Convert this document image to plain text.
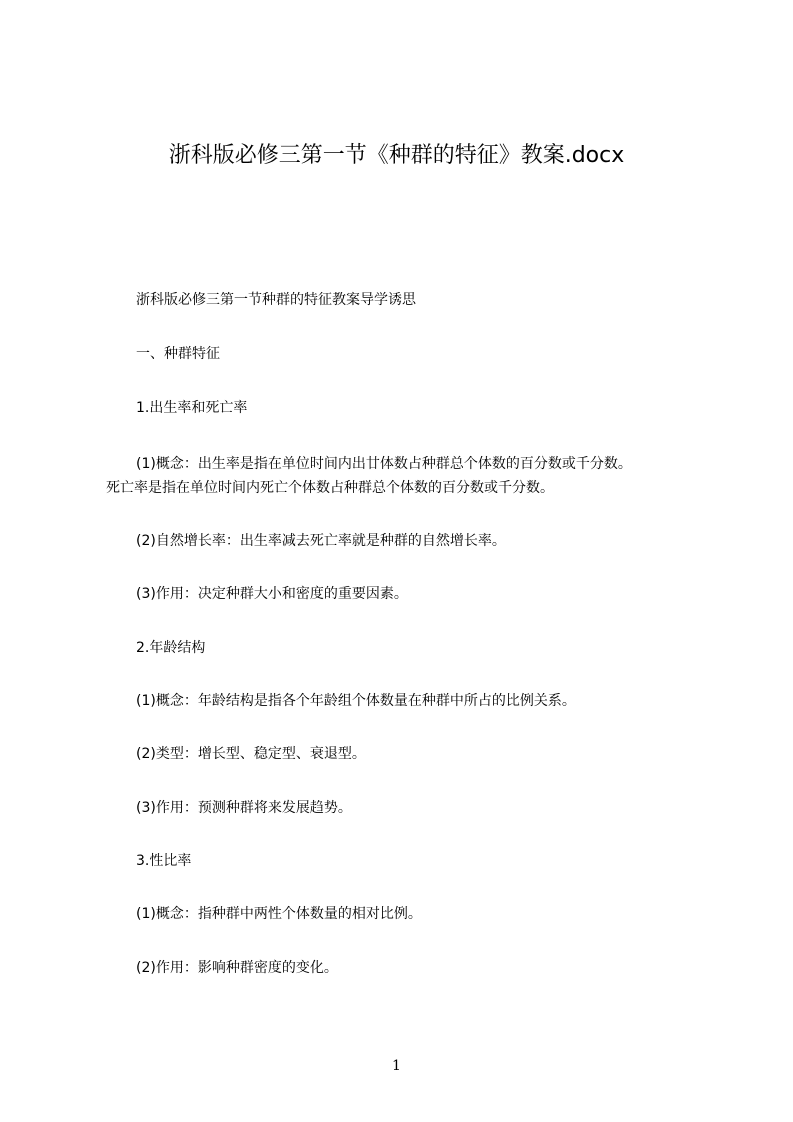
浙科版必修三第一节《种群的特征》教案.docx
浙科版必修三第一节种群的特征教案导学诱思
一、种群特征
1.出生率和死亡率
(1)概念：出生率是指在单位时间内出廿体数占种群总个体数的百分数或千分数。
死亡率是指在单位时间内死亡个体数占种群总个体数的百分数或千分数。
(2)自然增长率：出生率减去死亡率就是种群的自然增长率。
(3)作用：决定种群大小和密度的重要因素。
2.年龄结构
(1)概念：年龄结构是指各个年龄组个体数量在种群中所占的比例关系。
(2)类型：增长型、稳定型、衰退型。
(3)作用：预测种群将来发展趋势。
3.性比率
(1)概念：指种群中两性个体数量的相对比例。
(2)作用：影响种群密度的变化。
1
